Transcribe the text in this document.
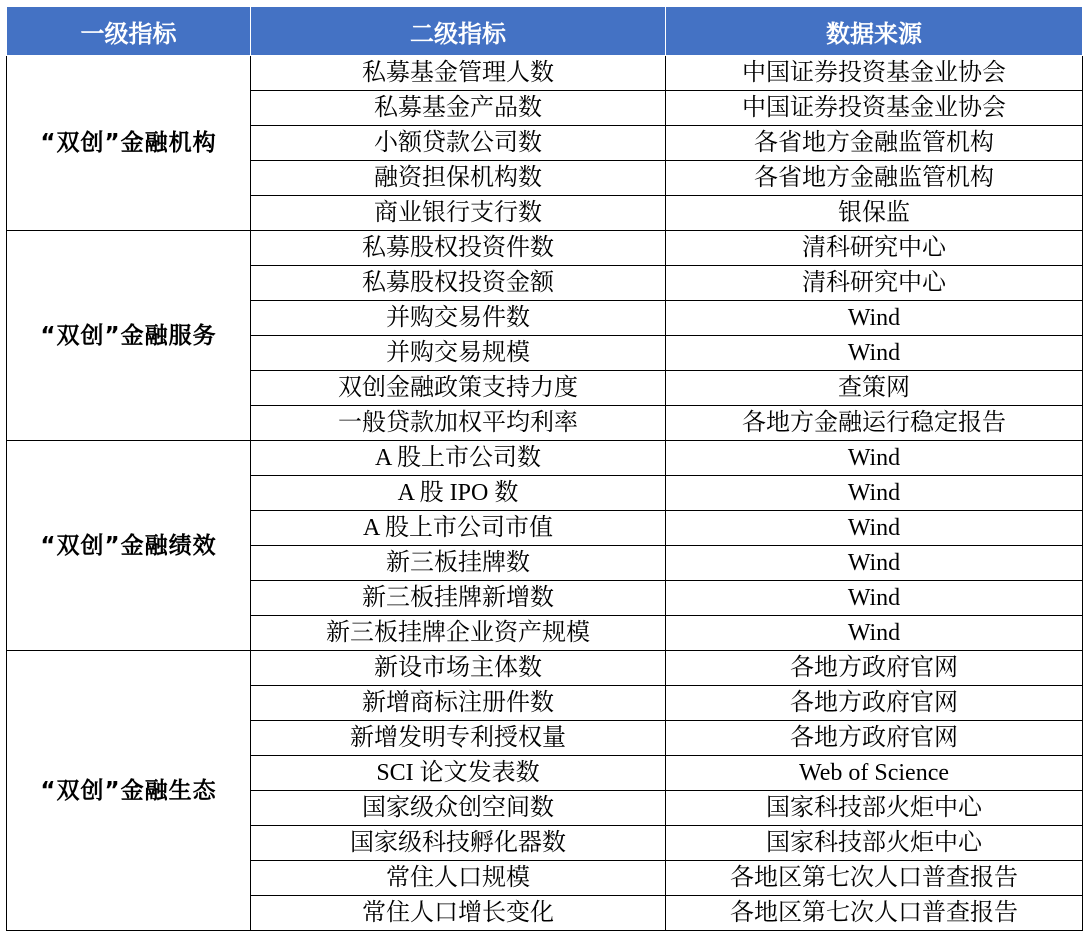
一级指标	二级指标	数据来源
“双创”金融机构	私募基金管理人数	中国证券投资基金业协会
	私募基金产品数	中国证券投资基金业协会
	小额贷款公司数	各省地方金融监管机构
	融资担保机构数	各省地方金融监管机构
	商业银行支行数	银保监
“双创”金融服务	私募股权投资件数	清科研究中心
	私募股权投资金额	清科研究中心
	并购交易件数	Wind
	并购交易规模	Wind
	双创金融政策支持力度	查策网
	一般贷款加权平均利率	各地方金融运行稳定报告
“双创”金融绩效	A 股上市公司数	Wind
	A 股 IPO 数	Wind
	A 股上市公司市值	Wind
	新三板挂牌数	Wind
	新三板挂牌新增数	Wind
	新三板挂牌企业资产规模	Wind
“双创”金融生态	新设市场主体数	各地方政府官网
	新增商标注册件数	各地方政府官网
	新增发明专利授权量	各地方政府官网
	SCI 论文发表数	Web of Science
	国家级众创空间数	国家科技部火炬中心
	国家级科技孵化器数	国家科技部火炬中心
	常住人口规模	各地区第七次人口普查报告
	常住人口增长变化	各地区第七次人口普查报告
